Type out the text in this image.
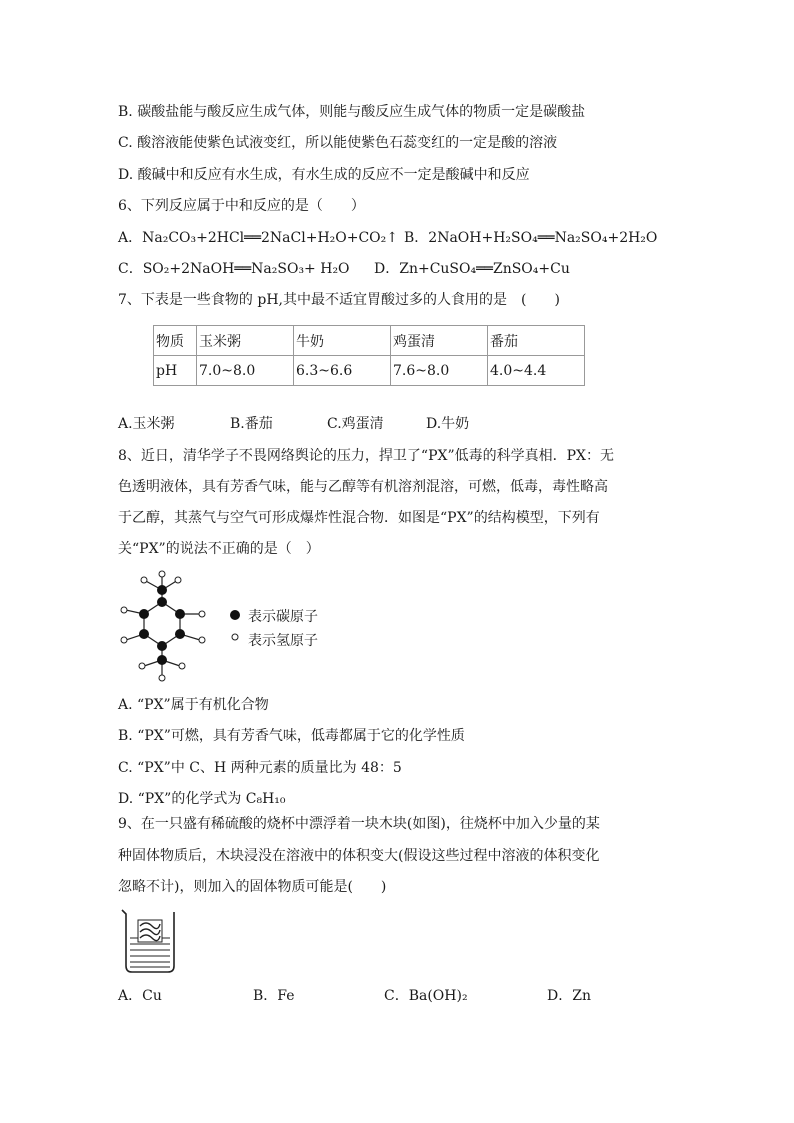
B. 碳酸盐能与酸反应生成气体，则能与酸反应生成气体的物质一定是碳酸盐
C. 酸溶液能使紫色试液变红，所以能使紫色石蕊变红的一定是酸的溶液
D. 酸碱中和反应有水生成，有水生成的反应不一定是酸碱中和反应
6、下列反应属于中和反应的是（　　）
A．Na₂CO₃+2HCl══2NaCl+H₂O+CO₂↑ B．2NaOH+H₂SO₄══Na₂SO₄+2H₂O
C．SO₂+2NaOH══Na₂SO₃+ H₂O D．Zn+CuSO₄══ZnSO₄+Cu
7、下表是一些食物的 pH,其中最不适宜胃酸过多的人食用的是　(　　)
物质	玉米粥	牛奶	鸡蛋清	番茄
pH	7.0~8.0	6.3~6.6	7.6~8.0	4.0~4.4
A.玉米粥	B.番茄	C.鸡蛋清	D.牛奶
8、近日，清华学子不畏网络舆论的压力，捍卫了“PX”低毒的科学真相．PX：无
色透明液体，具有芳香气味，能与乙醇等有机溶剂混溶，可燃，低毒，毒性略高
于乙醇，其蒸气与空气可形成爆炸性混合物．如图是“PX”的结构模型，下列有
关“PX”的说法不正确的是（　）
表示碳原子
表示氢原子
A. “PX”属于有机化合物
B. “PX”可燃，具有芳香气味，低毒都属于它的化学性质
C. “PX”中 C、H 两种元素的质量比为 48：5
D. “PX”的化学式为 C₈H₁₀
9、在一只盛有稀硫酸的烧杯中漂浮着一块木块(如图)，往烧杯中加入少量的某
种固体物质后，木块浸没在溶液中的体积变大(假设这些过程中溶液的体积变化
忽略不计)，则加入的固体物质可能是(　　)
A．Cu	B．Fe	C．Ba(OH)₂	D．Zn
